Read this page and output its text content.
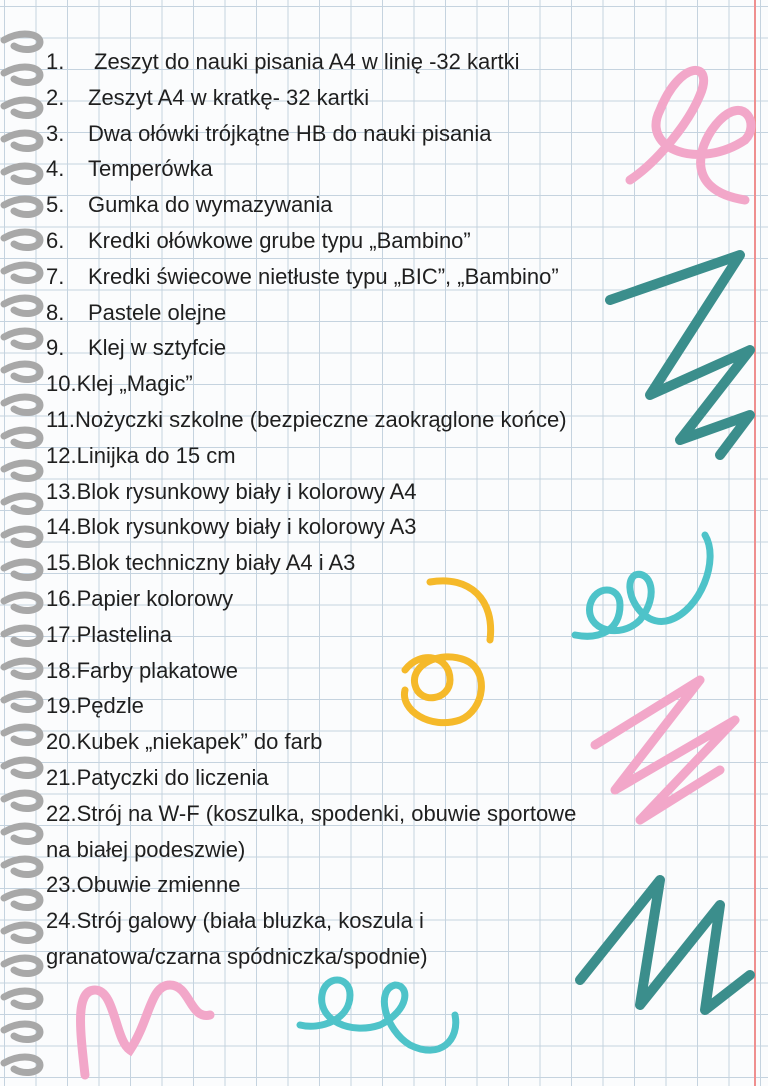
1.	Zeszyt do nauki pisania A4 w linię -32 kartki
2.	Zeszyt A4 w kratkę- 32 kartki
3.	Dwa ołówki trójkątne HB do nauki pisania
4.	Temperówka
5.	Gumka do wymazywania
6.	Kredki ołówkowe grube typu „Bambino”
7.	Kredki świecowe nietłuste typu „BIC”, „Bambino”
8.	Pastele olejne
9.	Klej w sztyfcie
10. Klej „Magic”
11. Nożyczki szkolne (bezpieczne zaokrąglone końce)
12. Linijka do 15 cm
13. Blok rysunkowy biały i kolorowy A4
14. Blok rysunkowy biały i kolorowy A3
15. Blok techniczny biały A4 i A3
16. Papier kolorowy
17. Plastelina
18. Farby plakatowe
19. Pędzle
20. Kubek „niekapek” do farb
21. Patyczki do liczenia
22.Strój na W-F (koszulka, spodenki, obuwie sportowe na białej podeszwie)
23. Obuwie zmienne
24.Strój galowy (biała bluzka, koszula i granatowa/czarna spódniczka/spodnie)
